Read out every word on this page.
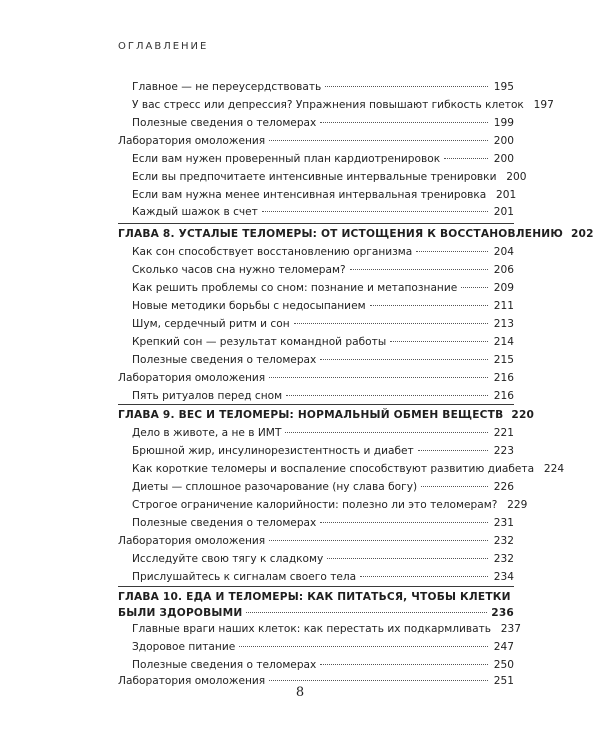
ОГЛАВЛЕНИЕ
Главное — не переусердствовать	195
У вас стресс или депрессия? Упражнения повышают гибкость клеток 197
Полезные сведения о теломерах	199
Лаборатория омоложения	200
Если вам нужен проверенный план кардиотренировок	200
Если вы предпочитаете интенсивные интервальные тренировки 200
Если вам нужна менее интенсивная интервальная тренировка 201
Каждый шажок в счет	201
ГЛАВА 8. УСТАЛЫЕ ТЕЛОМЕРЫ: ОТ ИСТОЩЕНИЯ К ВОССТАНОВЛЕНИЮ 202
Как сон способствует восстановлению организма	204
Сколько часов сна нужно теломерам?	206
Как решить проблемы со сном: познание и метапознание	209
Новые методики борьбы с недосыпанием	211
Шум, сердечный ритм и сон	213
Крепкий сон — результат командной работы	214
Полезные сведения о теломерах	215
Лаборатория омоложения	216
Пять ритуалов перед сном	216
ГЛАВА 9. ВЕС И ТЕЛОМЕРЫ: НОРМАЛЬНЫЙ ОБМЕН ВЕЩЕСТВ 220
Дело в животе, а не в ИМТ	221
Брюшной жир, инсулинорезистентность и диабет	223
Как короткие теломеры и воспаление способствуют развитию диабета 224
Диеты — сплошное разочарование (ну слава богу)	226
Строгое ограничение калорийности: полезно ли это теломерам? 229
Полезные сведения о теломерах	231
Лаборатория омоложения	232
Исследуйте свою тягу к сладкому	232
Прислушайтесь к сигналам своего тела	234
ГЛАВА 10. ЕДА И ТЕЛОМЕРЫ: КАК ПИТАТЬСЯ, ЧТОБЫ КЛЕТКИ
БЫЛИ ЗДОРОВЫМИ	236
Главные враги наших клеток: как перестать их подкармливать 237
Здоровое питание	247
Полезные сведения о теломерах	250
Лаборатория омоложения	251
8
